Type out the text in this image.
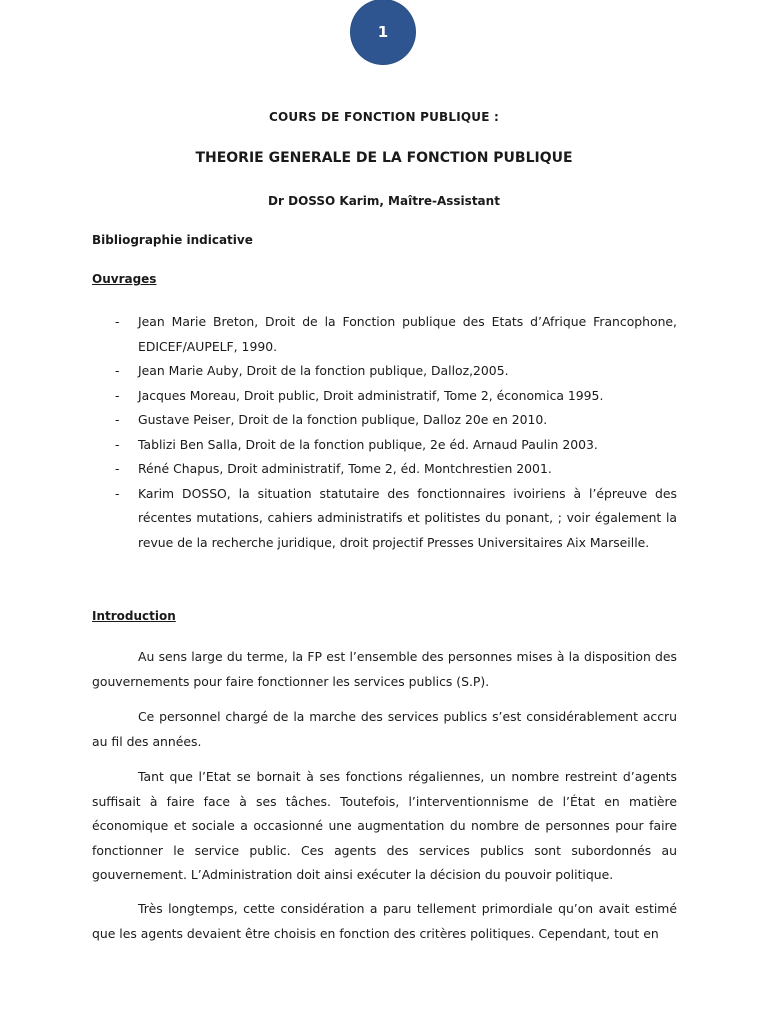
1
COURS DE FONCTION PUBLIQUE :
THEORIE GENERALE DE LA FONCTION PUBLIQUE
Dr DOSSO Karim, Maître-Assistant
Bibliographie indicative
Ouvrages
- Jean Marie Breton, Droit de la Fonction publique des Etats d’Afrique Francophone, EDICEF/AUPELF, 1990.
- Jean Marie Auby, Droit de la fonction publique, Dalloz,2005.
- Jacques Moreau, Droit public, Droit administratif, Tome 2, économica 1995.
- Gustave Peiser, Droit de la fonction publique, Dalloz 20e en 2010.
- Tablizi Ben Salla, Droit de la fonction publique, 2e éd. Arnaud Paulin 2003.
- Réné Chapus, Droit administratif, Tome 2, éd. Montchrestien 2001.
- Karim DOSSO, la situation statutaire des fonctionnaires ivoiriens à l’épreuve des récentes mutations, cahiers administratifs et politistes du ponant, ; voir également la revue de la recherche juridique, droit projectif Presses Universitaires Aix Marseille.
Introduction

Au sens large du terme, la FP est l’ensemble des personnes mises à la disposition des gouvernements pour faire fonctionner les services publics (S.P).

Ce personnel chargé de la marche des services publics s’est considérablement accru au fil des années.

Tant que l’Etat se bornait à ses fonctions régaliennes, un nombre restreint d’agents suffisait à faire face à ses tâches. Toutefois, l’interventionnisme de l’État en matière économique et sociale a occasionné une augmentation du nombre de personnes pour faire fonctionner le service public. Ces agents des services publics sont subordonnés au gouvernement. L’Administration doit ainsi exécuter la décision du pouvoir politique.

Très longtemps, cette considération a paru tellement primordiale qu’on avait estimé que les agents devaient être choisis en fonction des critères politiques. Cependant, tout en
